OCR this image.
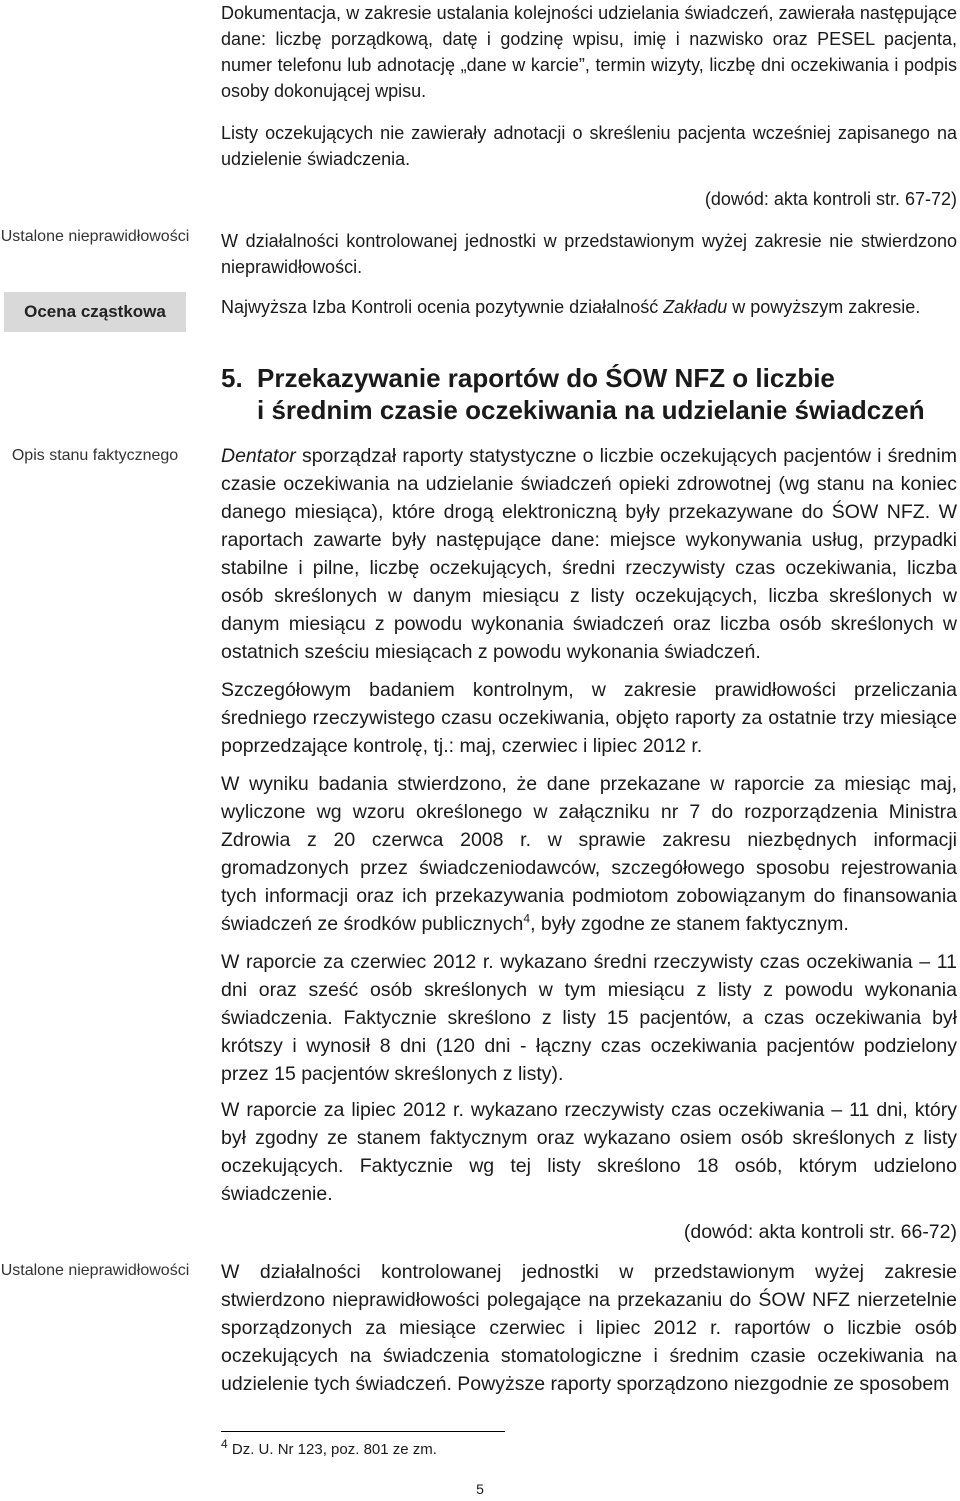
Ustalone nieprawidłowości
Ocena cząstkowa
Opis stanu faktycznego
Ustalone nieprawidłowości

Dokumentacja, w zakresie ustalania kolejności udzielania świadczeń, zawierała następujące dane: liczbę porządkową, datę i godzinę wpisu, imię i nazwisko oraz PESEL pacjenta, numer telefonu lub adnotację „dane w karcie”, termin wizyty, liczbę dni oczekiwania i podpis osoby dokonującej wpisu.

Listy oczekujących nie zawierały adnotacji o skreśleniu pacjenta wcześniej zapisanego na udzielenie świadczenia.

(dowód: akta kontroli str. 67-72)

W działalności kontrolowanej jednostki w przedstawionym wyżej zakresie nie stwierdzono nieprawidłowości.

Najwyższa Izba Kontroli ocenia pozytywnie działalność Zakładu w powyższym zakresie.

5. Przekazywanie raportów do ŚOW NFZ o liczbie
i średnim czasie oczekiwania na udzielanie świadczeń

Dentator sporządzał raporty statystyczne o liczbie oczekujących pacjentów i średnim czasie oczekiwania na udzielanie świadczeń opieki zdrowotnej (wg stanu na koniec danego miesiąca), które drogą elektroniczną były przekazywane do ŚOW NFZ. W raportach zawarte były następujące dane: miejsce wykonywania usług, przypadki stabilne i pilne, liczbę oczekujących, średni rzeczywisty czas oczekiwania, liczba osób skreślonych w danym miesiącu z listy oczekujących, liczba skreślonych w danym miesiącu z powodu wykonania świadczeń oraz liczba osób skreślonych w ostatnich sześciu miesiącach z powodu wykonania świadczeń.

Szczegółowym badaniem kontrolnym, w zakresie prawidłowości przeliczania średniego rzeczywistego czasu oczekiwania, objęto raporty za ostatnie trzy miesiące poprzedzające kontrolę, tj.: maj, czerwiec i lipiec 2012 r.

W wyniku badania stwierdzono, że dane przekazane w raporcie za miesiąc maj, wyliczone wg wzoru określonego w załączniku nr 7 do rozporządzenia Ministra Zdrowia z 20 czerwca 2008 r. w sprawie zakresu niezbędnych informacji gromadzonych przez świadczeniodawców, szczegółowego sposobu rejestrowania tych informacji oraz ich przekazywania podmiotom zobowiązanym do finansowania świadczeń ze środków publicznych$^4$, były zgodne ze stanem faktycznym.

W raporcie za czerwiec 2012 r. wykazano średni rzeczywisty czas oczekiwania – 11 dni oraz sześć osób skreślonych w tym miesiącu z listy z powodu wykonania świadczenia. Faktycznie skreślono z listy 15 pacjentów, a czas oczekiwania był krótszy i wynosił 8 dni (120 dni - łączny czas oczekiwania pacjentów podzielony przez 15 pacjentów skreślonych z listy).

W raporcie za lipiec 2012 r. wykazano rzeczywisty czas oczekiwania – 11 dni, który był zgodny ze stanem faktycznym oraz wykazano osiem osób skreślonych z listy oczekujących. Faktycznie wg tej listy skreślono 18 osób, którym udzielono świadczenie.

(dowód: akta kontroli str. 66-72)

W działalności kontrolowanej jednostki w przedstawionym wyżej zakresie stwierdzono nieprawidłowości polegające na przekazaniu do ŚOW NFZ nierzetelnie sporządzonych za miesiące czerwiec i lipiec 2012 r. raportów o liczbie osób oczekujących na świadczenia stomatologiczne i średnim czasie oczekiwania na udzielenie tych świadczeń. Powyższe raporty sporządzono niezgodnie ze sposobem

$^4$ Dz. U. Nr 123, poz. 801 ze zm.
5
